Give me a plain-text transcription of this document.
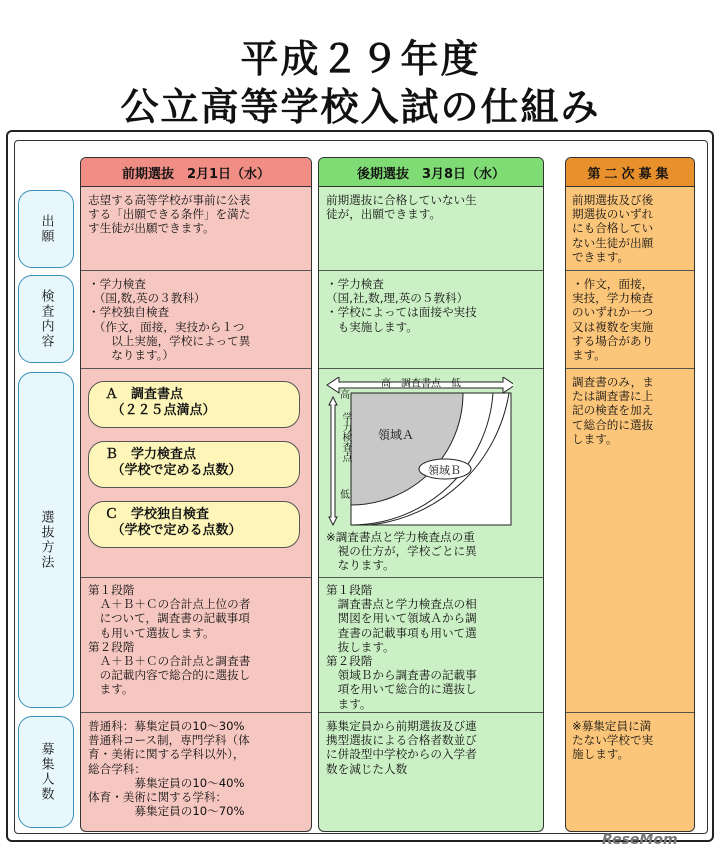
平成２９年度
公立高等学校入試の仕組み
出願
検査内容
選抜方法
募集人数
前期選抜　2月1日（水）
志望する高等学校が事前に公表
する「出願できる条件」を満た
す生徒が出願できます。
・学力検査
　（国,数,英の３教科）
・学校独自検査
　（作文，面接，実技から１つ
　　以上実施，学校によって異
　　なります。）
Ａ　調査書点
　（２２５点満点）
Ｂ　学力検査点
　（学校で定める点数）
Ｃ　学校独自検査
　（学校で定める点数）
第１段階
　Ａ＋Ｂ＋Ｃの合計点上位の者
　について，調査書の記載事項
　も用いて選抜します。
第２段階
　Ａ＋Ｂ＋Ｃの合計点と調査書
　の記載内容で総合的に選抜し
　ます。
普通科：募集定員の10～30%
普通科コース制，専門学科（体
育・美術に関する学科以外），
総合学科：
　　　　募集定員の10～40%
体育・美術に関する学科：
　　　　募集定員の10～70%
後期選抜　3月8日（水）
前期選抜に合格していない生
徒が，出願できます。
・学力検査
（国,社,数,理,英の５教科）
・学校によっては面接や実技
　も実施します。
高　調査書点　低
高
学力検査点
低
領域Ａ
領域Ｂ
※調査書点と学力検査点の重
　視の仕方が，学校ごとに異
　なります。
第１段階
　調査書点と学力検査点の相
　関図を用いて領域Ａから調
　査書の記載事項も用いて選
　抜します。
第２段階
　領域Ｂから調査書の記載事
　項を用いて総合的に選抜し
　ます。
募集定員から前期選抜及び連
携型選抜による合格者数並び
に併設型中学校からの入学者
数を減じた人数
第二次募集
前期選抜及び後
期選抜のいずれ
にも合格してい
ない生徒が出願
できます。
・作文，面接，
実技，学力検査
のいずれか一つ
又は複数を実施
する場合があり
ます。
調査書のみ，ま
たは調査書に上
記の検査を加え
て総合的に選抜
します。
※募集定員に満
たない学校で実
施します。
ReseMom
